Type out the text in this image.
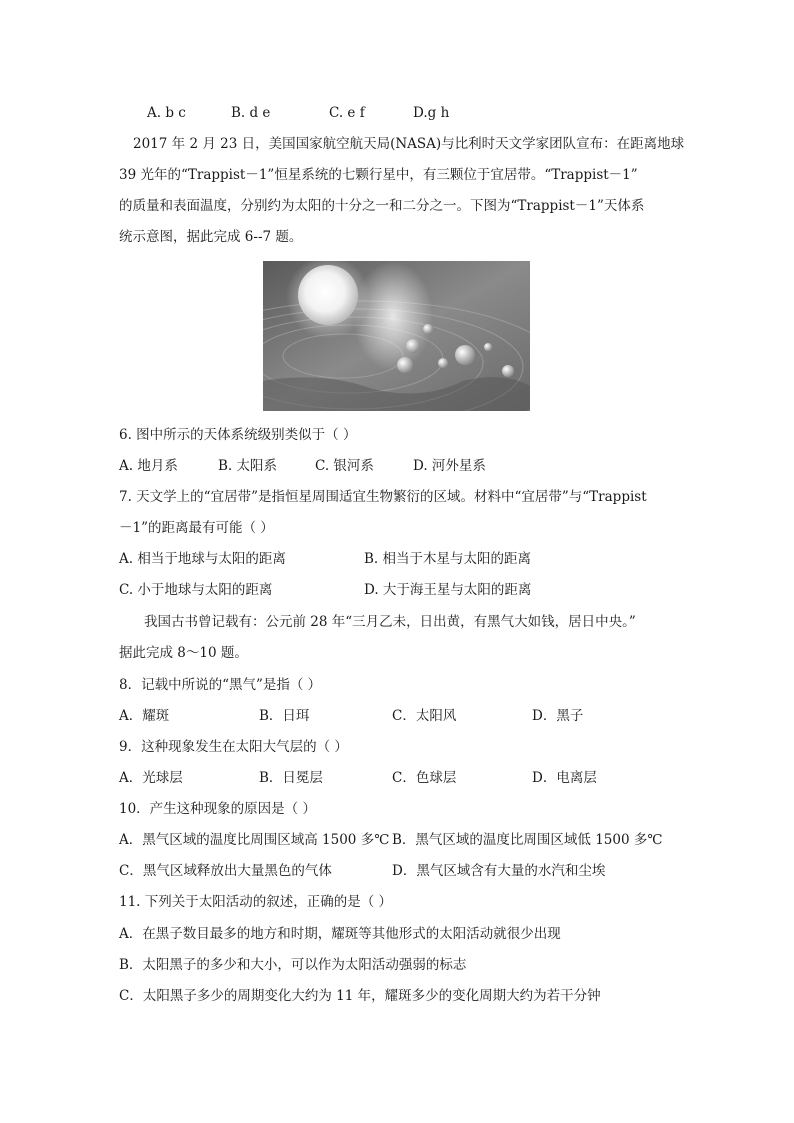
A. b c	B. d e	C. e f	D.g h
2017 年 2 月 23 日，美国国家航空航天局(NASA)与比利时天文学家团队宣布：在距离地球
39 光年的“Trappist－1”恒星系统的七颗行星中，有三颗位于宜居带。“Trappist－1”
的质量和表面温度，分别约为太阳的十分之一和二分之一。下图为“Trappist－1”天体系
统示意图，据此完成 6--7 题。
6. 图中所示的天体系统级别类似于（ ）
A. 地月系	B. 太阳系	C. 银河系	D. 河外星系
7. 天文学上的“宜居带”是指恒星周围适宜生物繁衍的区域。材料中“宜居带”与“Trappist
－1”的距离最有可能（ ）
A. 相当于地球与太阳的距离	B. 相当于木星与太阳的距离
C. 小于地球与太阳的距离	D. 大于海王星与太阳的距离
我国古书曾记载有：公元前 28 年“三月乙未，日出黄，有黑气大如钱，居日中央。”
据此完成 8～10 题。
8．记载中所说的“黑气”是指（ ）
A．耀斑	B．日珥	C．太阳风	D．黑子
9．这种现象发生在太阳大气层的（ ）
A．光球层	B．日冕层	C．色球层	D．电离层
10．产生这种现象的原因是（ ）
A．黑气区域的温度比周围区域高 1500 多℃ B．黑气区域的温度比周围区域低 1500 多℃
C．黑气区域释放出大量黑色的气体	D．黑气区域含有大量的水汽和尘埃
11. 下列关于太阳活动的叙述，正确的是（ ）
A．在黑子数目最多的地方和时期，耀斑等其他形式的太阳活动就很少出现
B．太阳黑子的多少和大小，可以作为太阳活动强弱的标志
C．太阳黑子多少的周期变化大约为 11 年，耀斑多少的变化周期大约为若干分钟
